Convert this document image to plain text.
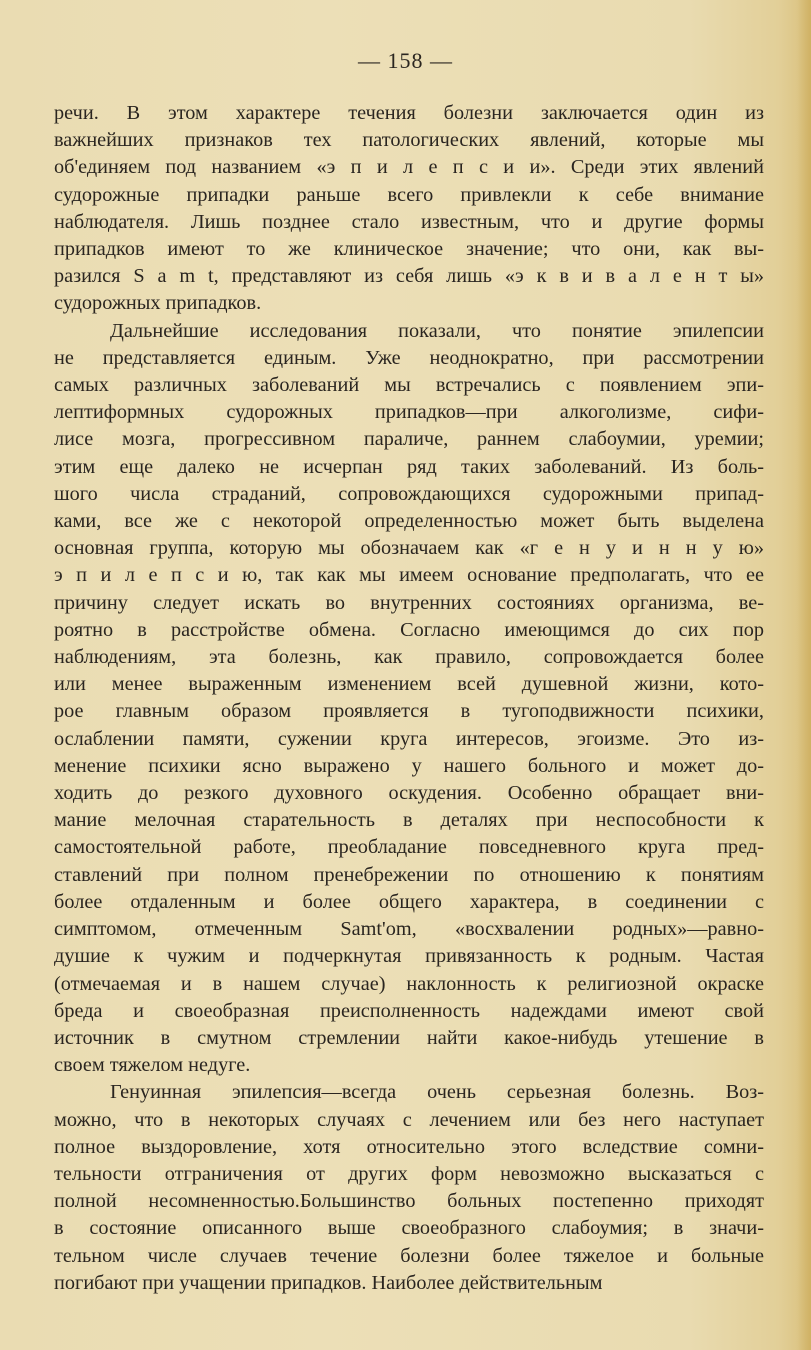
— 158 —

речи. В этом характере течения болезни заключается один из
важнейших признаков тех патологических явлений, которые мы
об'единяем под названием «э п и л е п с и и». Среди этих явлений
судорожные припадки раньше всего привлекли к себе внимание
наблюдателя. Лишь позднее стало известным, что и другие формы
припадков имеют то же клиническое значение; что они, как вы-
разился S a m t, представляют из себя лишь «э к в и в а л е н т ы»
судорожных припадков.

Дальнейшие исследования показали, что понятие эпилепсии
не представляется единым. Уже неоднократно, при рассмотрении
самых различных заболеваний мы встречались с появлением эпи-
лептиформных судорожных припадков—при алкоголизме, сифи-
лисе мозга, прогрессивном параличе, раннем слабоумии, уремии;
этим еще далеко не исчерпан ряд таких заболеваний. Из боль-
шого числа страданий, сопровождающихся судорожными припад-
ками, все же с некоторой определенностью может быть выделена
основная группа, которую мы обозначаем как «г е н у и н н у ю»
э п и л е п с и ю, так как мы имеем основание предполагать, что ее
причину следует искать во внутренних состояниях организма, ве-
роятно в расстройстве обмена. Согласно имеющимся до сих пор
наблюдениям, эта болезнь, как правило, сопровождается более
или менее выраженным изменением всей душевной жизни, кото-
рое главным образом проявляется в тугоподвижности психики,
ослаблении памяти, сужении круга интересов, эгоизме. Это из-
менение психики ясно выражено у нашего больного и может до-
ходить до резкого духовного оскудения. Особенно обращает вни-
мание мелочная старательность в деталях при неспособности к
самостоятельной работе, преобладание повседневного круга пред-
ставлений при полном пренебрежении по отношению к понятиям
более отдаленным и более общего характера, в соединении с
симптомом, отмеченным Samt'om, «восхвалении родных»—равно-
душие к чужим и подчеркнутая привязанность к родным. Частая
(отмечаемая и в нашем случае) наклонность к религиозной окраске
бреда и своеобразная преисполненность надеждами имеют свой
источник в смутном стремлении найти какое-нибудь утешение в
своем тяжелом недуге.

Генуинная эпилепсия—всегда очень серьезная болезнь. Воз-
можно, что в некоторых случаях с лечением или без него наступает
полное выздоровление, хотя относительно этого вследствие сомни-
тельности отграничения от других форм невозможно высказаться с
полной несомненностью.Большинство больных постепенно приходят
в состояние описанного выше своеобразного слабоумия; в значи-
тельном числе случаев течение болезни более тяжелое и больные
погибают при учащении припадков. Наиболее действительным
